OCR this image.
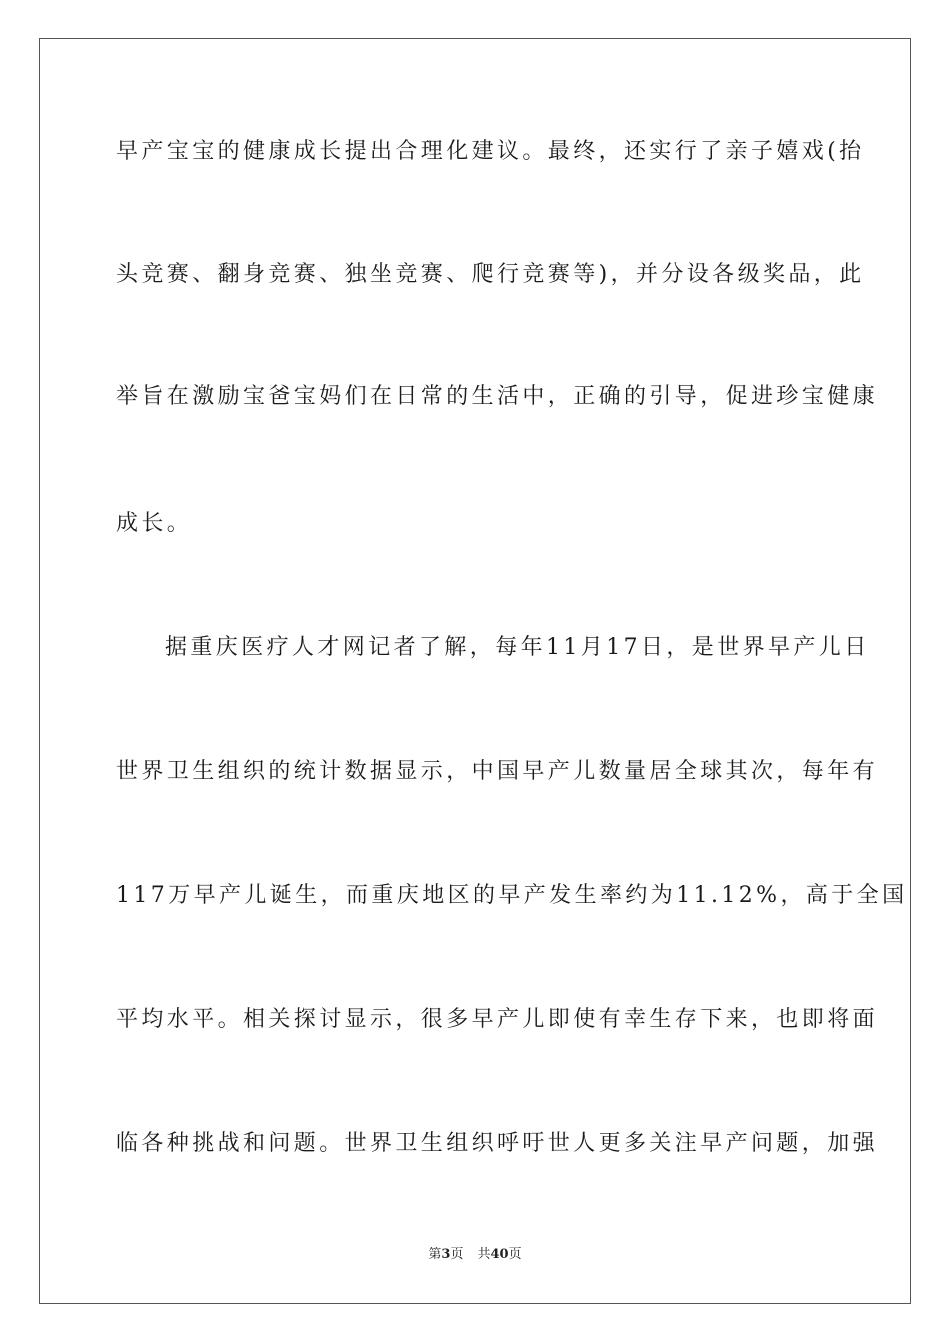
早产宝宝的健康成长提出合理化建议。最终，还实行了亲子嬉戏(抬
头竞赛、翻身竞赛、独坐竞赛、爬行竞赛等)，并分设各级奖品，此
举旨在激励宝爸宝妈们在日常的生活中，正确的引导，促进珍宝健康
成长。
据重庆医疗人才网记者了解，每年11月17日，是世界早产儿日
世界卫生组织的统计数据显示，中国早产儿数量居全球其次，每年有
117万早产儿诞生，而重庆地区的早产发生率约为11.12%，高于全国
平均水平。相关探讨显示，很多早产儿即使有幸生存下来，也即将面
临各种挑战和问题。世界卫生组织呼吁世人更多关注早产问题，加强
第3页 共40页
